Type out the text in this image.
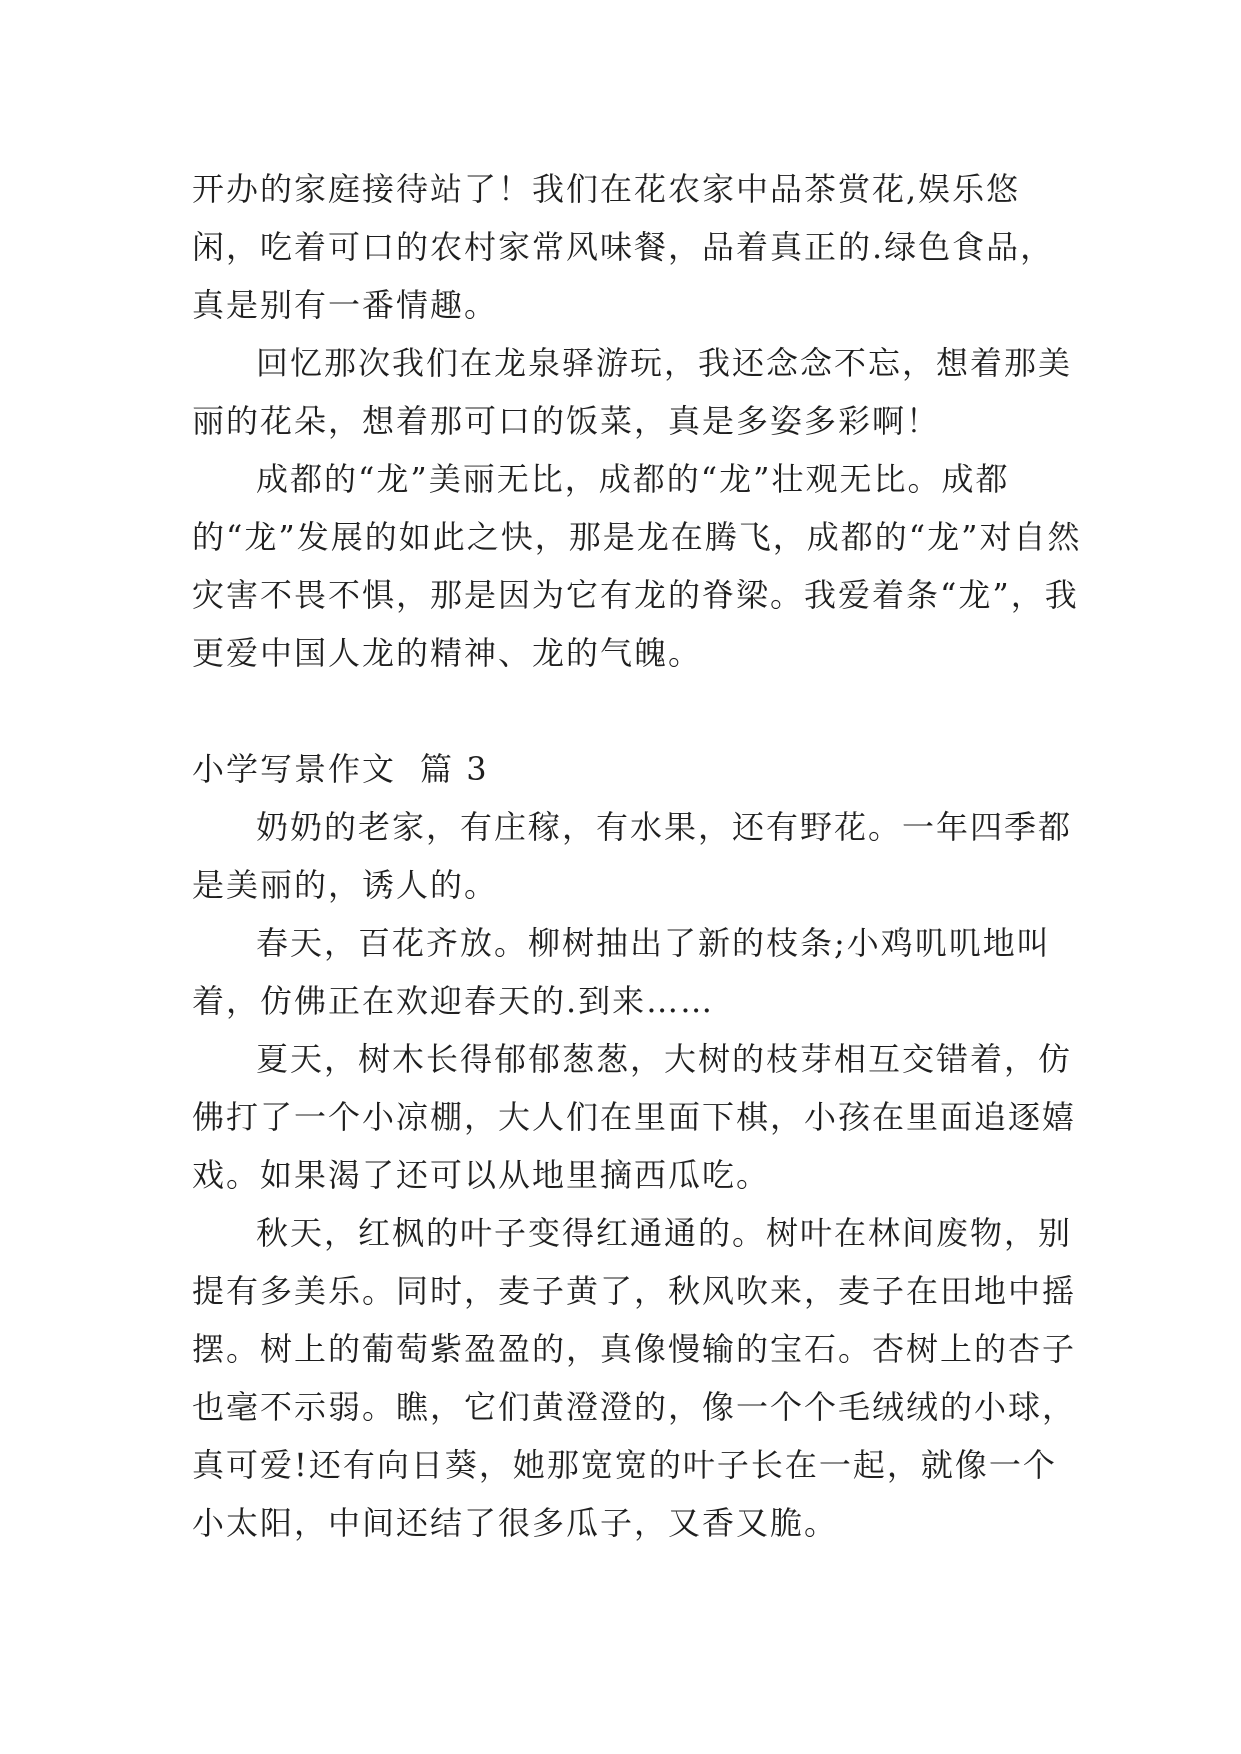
开办的家庭接待站了！我们在花农家中品茶赏花,娱乐悠闲，吃着可口的农村家常风味餐，品着真正的.绿色食品，真是别有一番情趣。

回忆那次我们在龙泉驿游玩，我还念念不忘，想着那美丽的花朵，想着那可口的饭菜，真是多姿多彩啊！

成都的“龙”美丽无比，成都的“龙”壮观无比。成都的“龙”发展的如此之快，那是龙在腾飞，成都的“龙”对自然灾害不畏不惧，那是因为它有龙的脊梁。我爱着条“龙”，我更爱中国人龙的精神、龙的气魄。

小学写景作文 篇 3

奶奶的老家，有庄稼，有水果，还有野花。一年四季都是美丽的，诱人的。

春天，百花齐放。柳树抽出了新的枝条;小鸡叽叽地叫着，仿佛正在欢迎春天的.到来……

夏天，树木长得郁郁葱葱，大树的枝芽相互交错着，仿佛打了一个小凉棚，大人们在里面下棋，小孩在里面追逐嬉戏。如果渴了还可以从地里摘西瓜吃。

秋天，红枫的叶子变得红通通的。树叶在林间废物，别提有多美乐。同时，麦子黄了，秋风吹来，麦子在田地中摇摆。树上的葡萄紫盈盈的，真像慢输的宝石。杏树上的杏子也毫不示弱。瞧，它们黄澄澄的，像一个个毛绒绒的小球，真可爱!还有向日葵，她那宽宽的叶子长在一起，就像一个小太阳，中间还结了很多瓜子，又香又脆。
